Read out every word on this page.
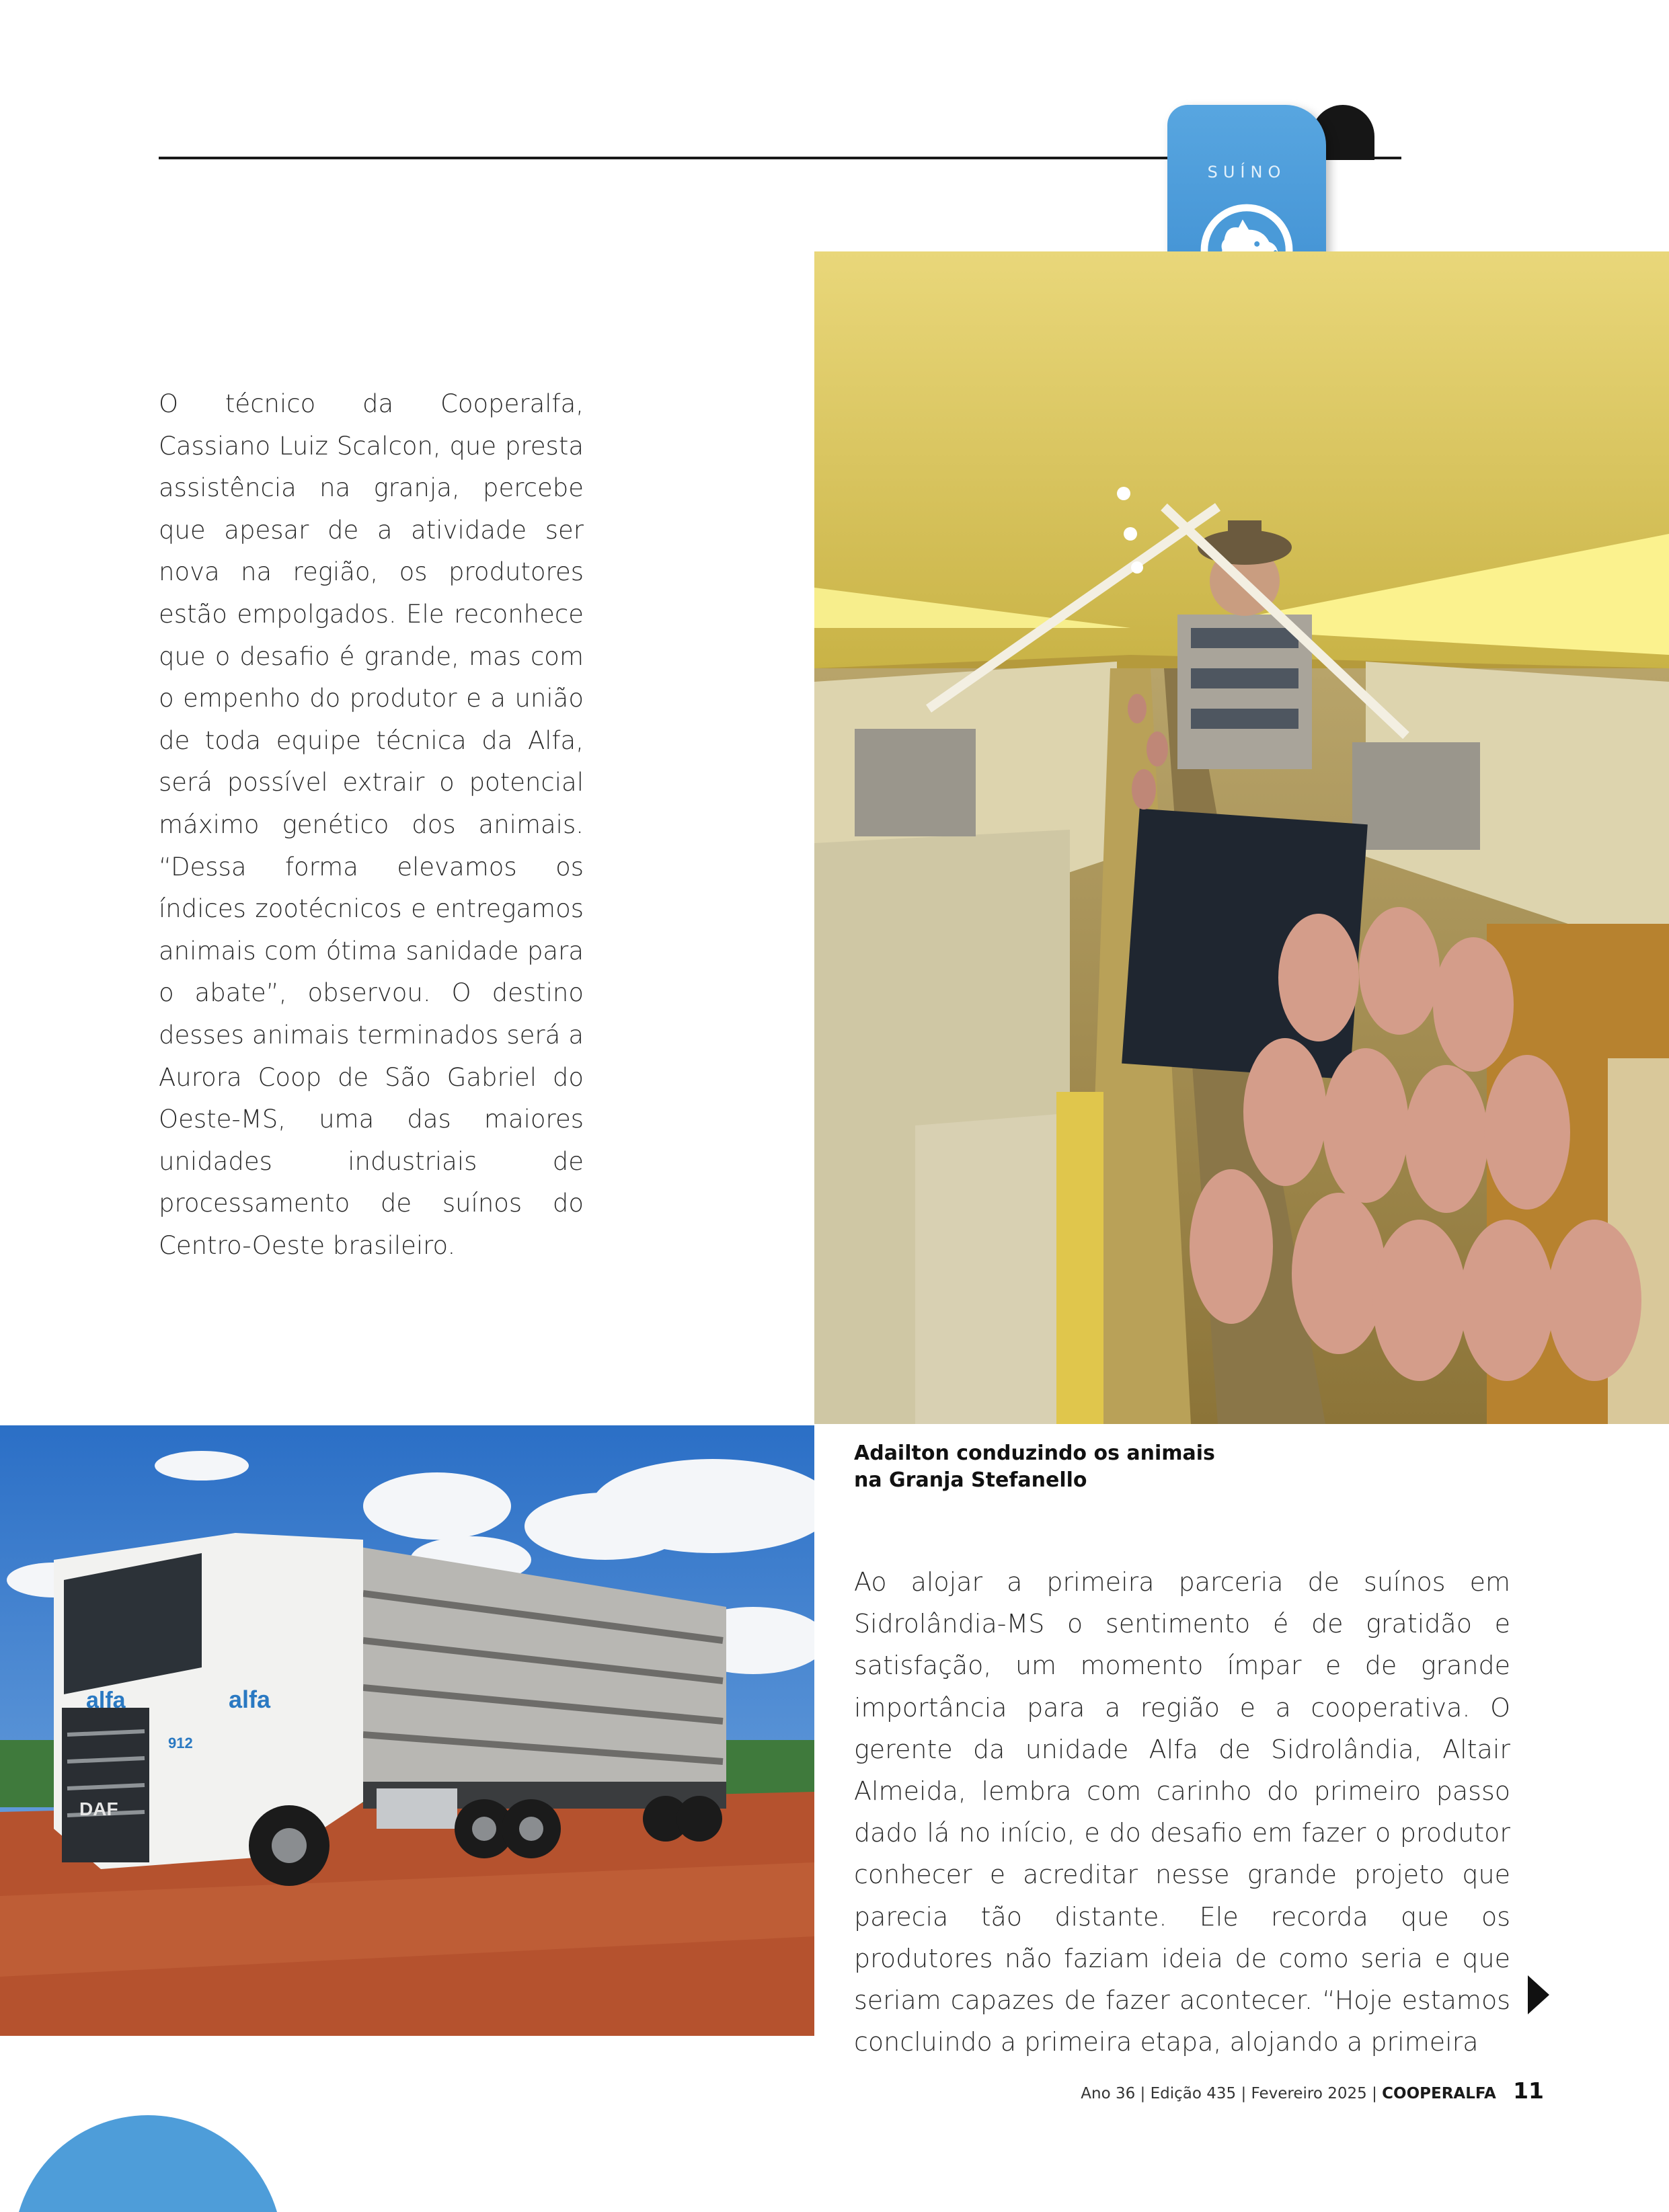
SUÍNO

O técnico da Cooperalfa, Cassiano Luiz Scalcon, que presta assistência na granja, percebe que apesar de a atividade ser nova na região, os produtores estão empolgados. Ele reconhece que o desafio é grande, mas com o empenho do produtor e a união de toda equipe técnica da Alfa, será possível extrair o potencial máximo genético dos animais. “Dessa forma elevamos os índices zootécnicos e entregamos animais com ótima sanidade para o abate”, observou. O destino desses animais terminados será a Aurora Coop de São Gabriel do Oeste-MS, uma das maiores unidades industriais de processamento de suínos do Centro-Oeste brasileiro.

Adailton conduzindo os animais na Granja Stefanello

alfa	alfa
912
DAF

Ao alojar a primeira parceria de suínos em Sidrolândia-MS o sentimento é de gratidão e satisfação, um momento ímpar e de grande importância para a região e a cooperativa. O gerente da unidade Alfa de Sidrolândia, Altair Almeida, lembra com carinho do primeiro passo dado lá no início, e do desafio em fazer o produtor conhecer e acreditar nesse grande projeto que parecia tão distante. Ele recorda que os produtores não faziam ideia de como seria e que seriam capazes de fazer acontecer. “Hoje estamos concluindo a primeira etapa, alojando a primeira

Ano 36 | Edição 435 | Fevereiro 2025 | COOPERALFA 11
